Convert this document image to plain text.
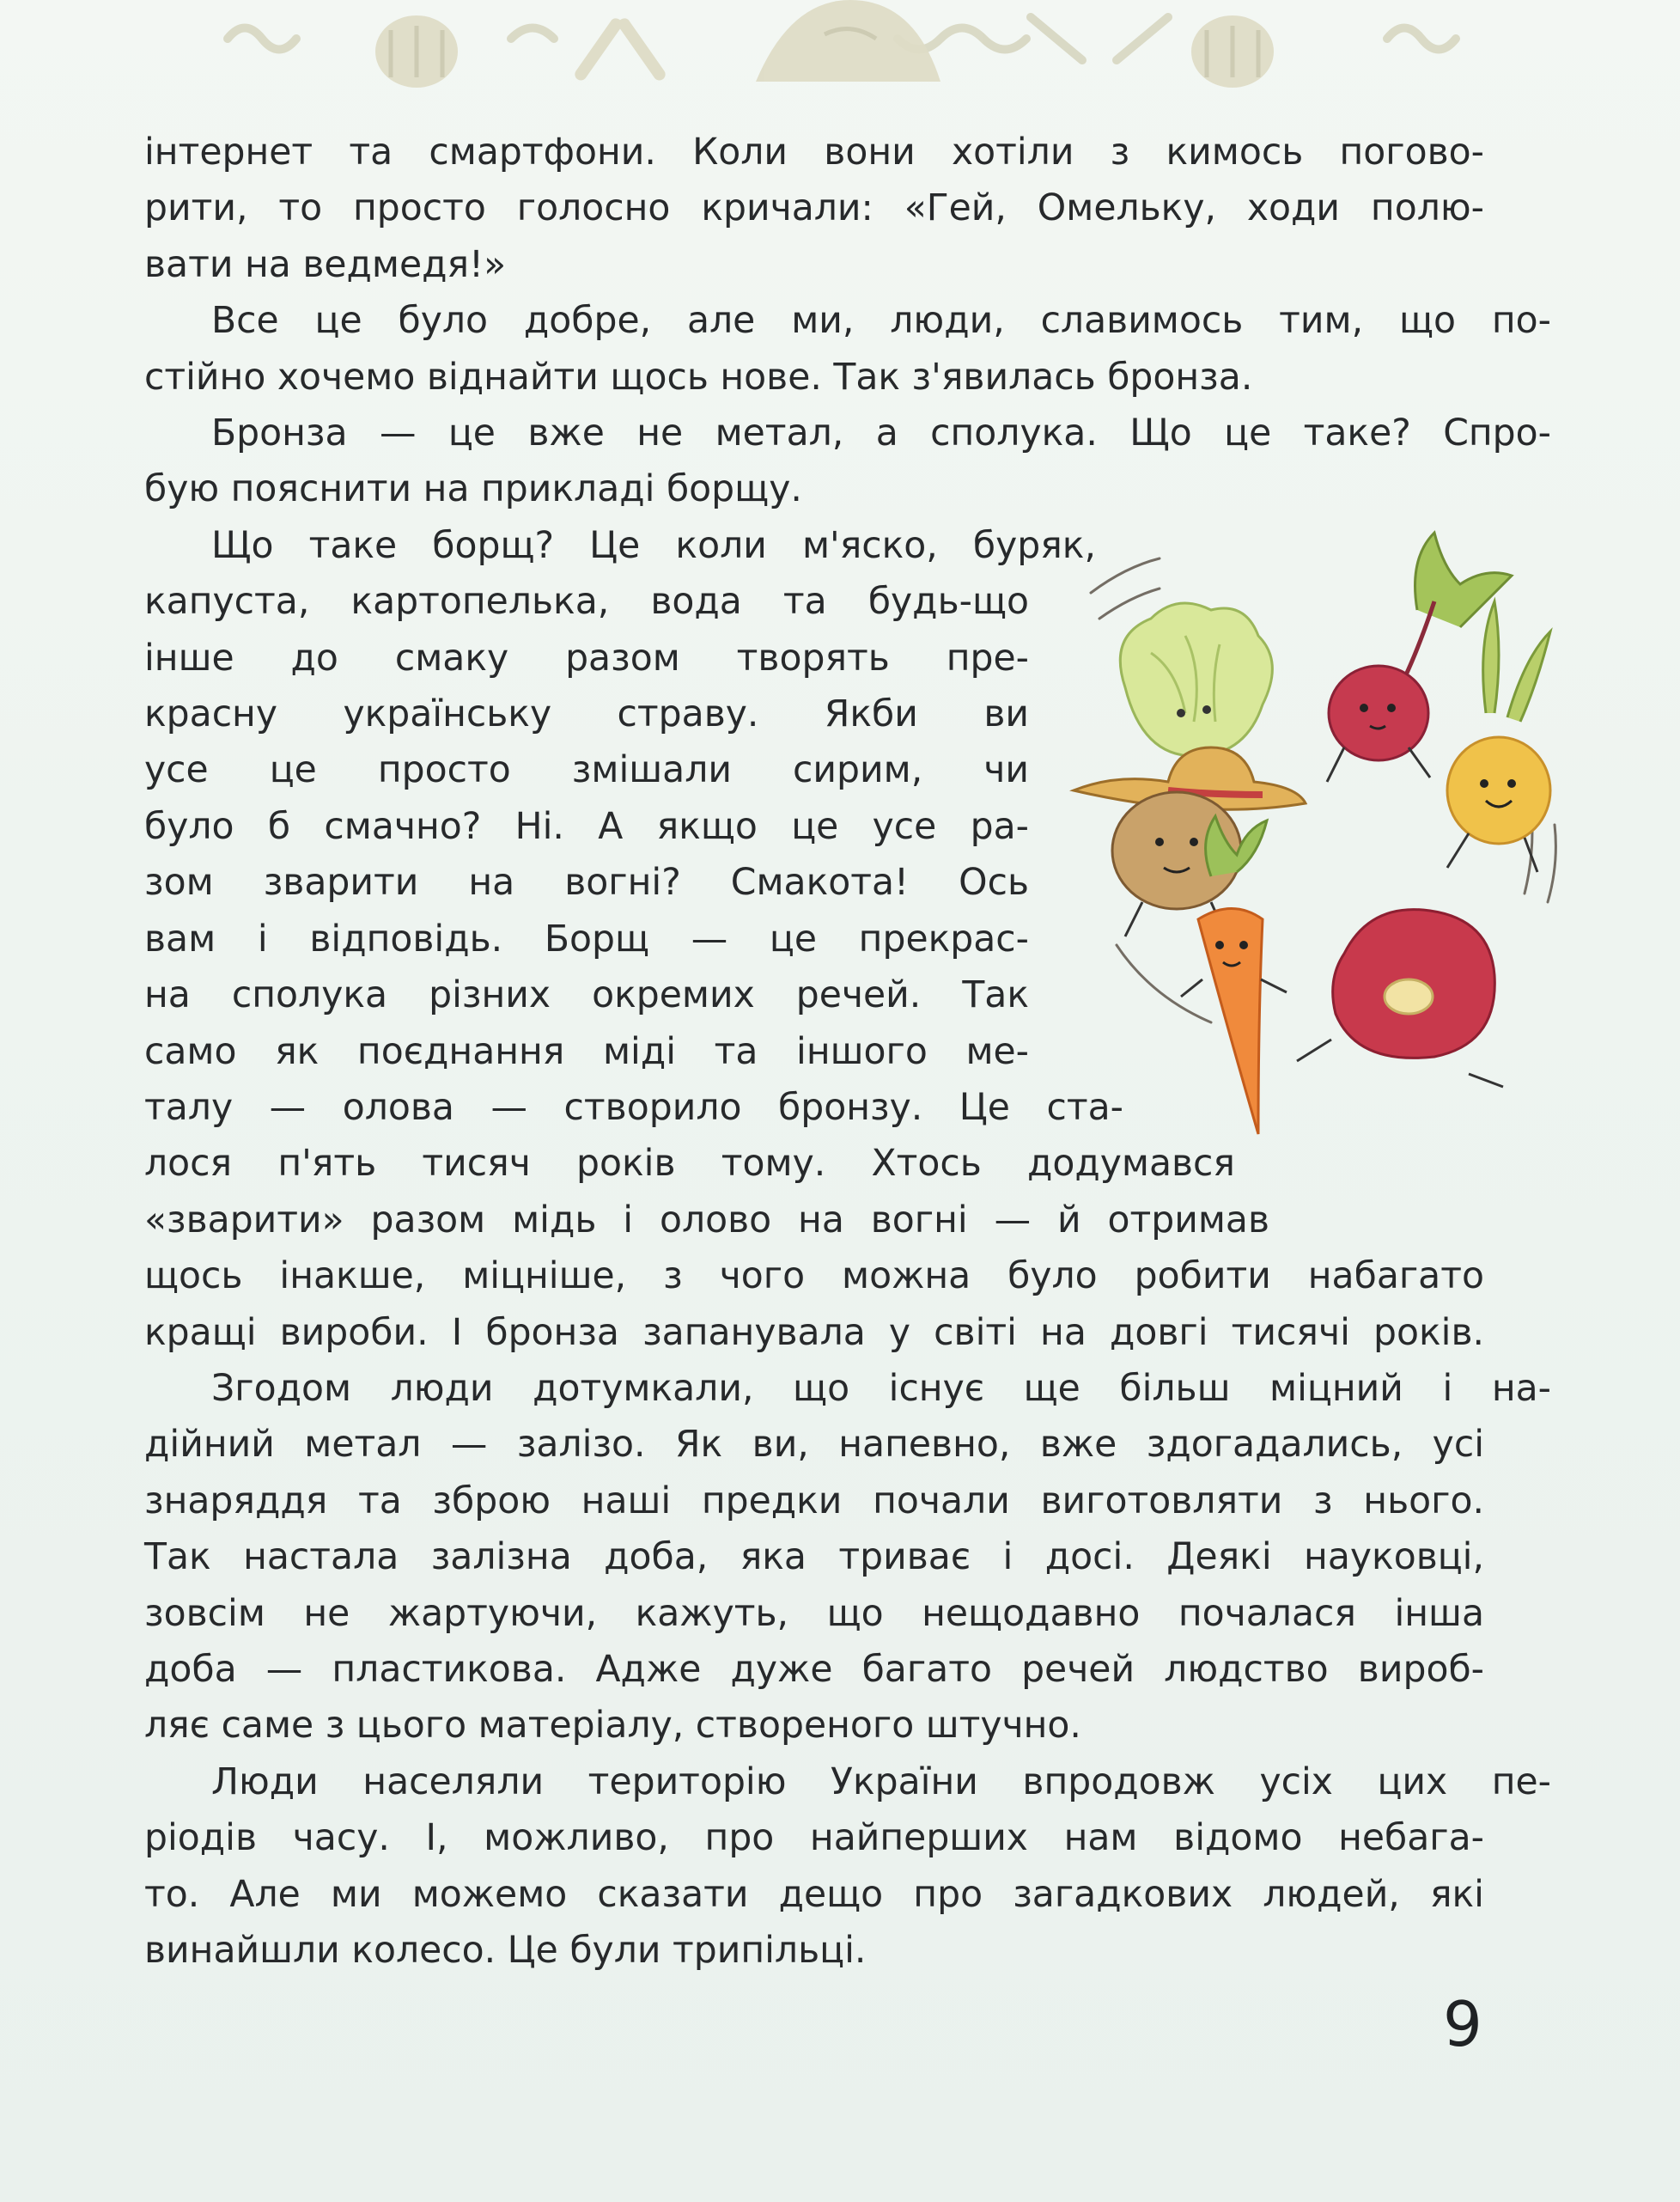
інтернет та смартфони. Коли вони хотіли з кимось погово-
рити, то просто голосно кричали: «Гей, Омельку, ходи полю-
вати на ведмедя!»
Все це було добре, але ми, люди, славимось тим, що по-
стійно хочемо віднайти щось нове. Так з'явилась бронза.
Бронза — це вже не метал, а сполука. Що це таке? Спро-
бую пояснити на прикладі борщу.
Що таке борщ? Це коли м'яско, буряк,
капуста, картопелька, вода та будь-що
інше до смаку разом творять пре-
красну українську страву. Якби ви
усе це просто змішали сирим, чи
було б смачно? Ні. А якщо це усе ра-
зом зварити на вогні? Смакота! Ось
вам і відповідь. Борщ — це прекрас-
на сполука різних окремих речей. Так
само як поєднання міді та іншого ме-
талу — олова — створило бронзу. Це ста-
лося п'ять тисяч років тому. Хтось додумався
«зварити» разом мідь і олово на вогні — й отримав
щось інакше, міцніше, з чого можна було робити набагато
кращі вироби. І бронза запанувала у світі на довгі тисячі років.
Згодом люди дотумкали, що існує ще більш міцний і на-
дійний метал — залізо. Як ви, напевно, вже здогадались, усі
знаряддя та зброю наші предки почали виготовляти з нього.
Так настала залізна доба, яка триває і досі. Деякі науковці,
зовсім не жартуючи, кажуть, що нещодавно почалася інша
доба — пластикова. Адже дуже багато речей людство вироб-
ляє саме з цього матеріалу, створеного штучно.
Люди населяли територію України впродовж усіх цих пе-
ріодів часу. І, можливо, про найперших нам відомо небага-
то. Але ми можемо сказати дещо про загадкових людей, які
винайшли колесо. Це були трипільці.
9
